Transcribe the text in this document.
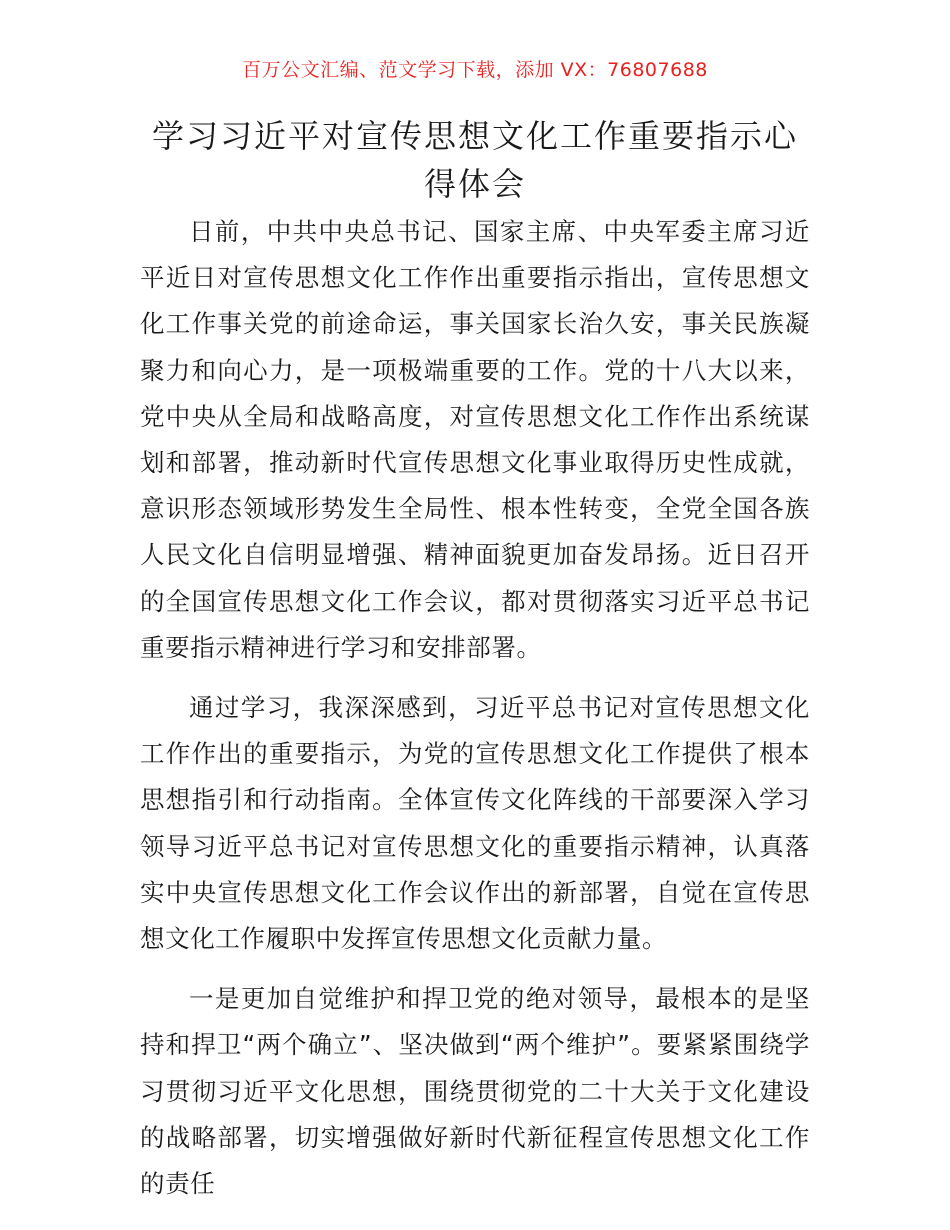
百万公文汇编、范文学习下载，添加 VX：76807688
学习习近平对宣传思想文化工作重要指示心得体会

日前，中共中央总书记、国家主席、中央军委主席习近平近日对宣传思想文化工作作出重要指示指出，宣传思想文化工作事关党的前途命运，事关国家长治久安，事关民族凝聚力和向心力，是一项极端重要的工作。党的十八大以来，党中央从全局和战略高度，对宣传思想文化工作作出系统谋划和部署，推动新时代宣传思想文化事业取得历史性成就，意识形态领域形势发生全局性、根本性转变，全党全国各族人民文化自信明显增强、精神面貌更加奋发昂扬。近日召开的全国宣传思想文化工作会议，都对贯彻落实习近平总书记重要指示精神进行学习和安排部署。

通过学习，我深深感到，习近平总书记对宣传思想文化工作作出的重要指示，为党的宣传思想文化工作提供了根本思想指引和行动指南。全体宣传文化阵线的干部要深入学习领导习近平总书记对宣传思想文化的重要指示精神，认真落实中央宣传思想文化工作会议作出的新部署，自觉在宣传思想文化工作履职中发挥宣传思想文化贡献力量。

一是更加自觉维护和捍卫党的绝对领导，最根本的是坚持和捍卫“两个确立”、坚决做到“两个维护”。要紧紧围绕学习贯彻习近平文化思想，围绕贯彻党的二十大关于文化建设的战略部署，切实增强做好新时代新征程宣传思想文化工作的责任
